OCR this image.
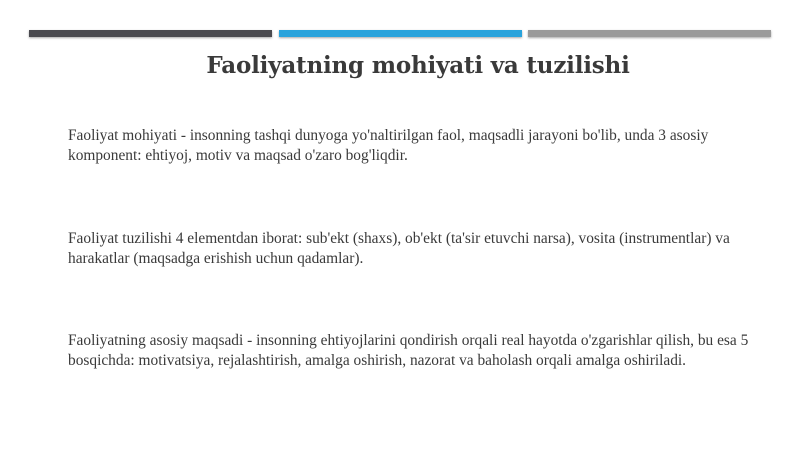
Faoliyatning mohiyati va tuzilishi

Faoliyat mohiyati - insonning tashqi dunyoga yo'naltirilgan faol, maqsadli jarayoni bo'lib, unda 3 asosiy komponent: ehtiyoj, motiv va maqsad o'zaro bog'liqdir.

Faoliyat tuzilishi 4 elementdan iborat: sub'ekt (shaxs), ob'ekt (ta'sir etuvchi narsa), vosita (instrumentlar) va harakatlar (maqsadga erishish uchun qadamlar).

Faoliyatning asosiy maqsadi - insonning ehtiyojlarini qondirish orqali real hayotda o'zgarishlar qilish, bu esa 5 bosqichda: motivatsiya, rejalashtirish, amalga oshirish, nazorat va baholash orqali amalga oshiriladi.
